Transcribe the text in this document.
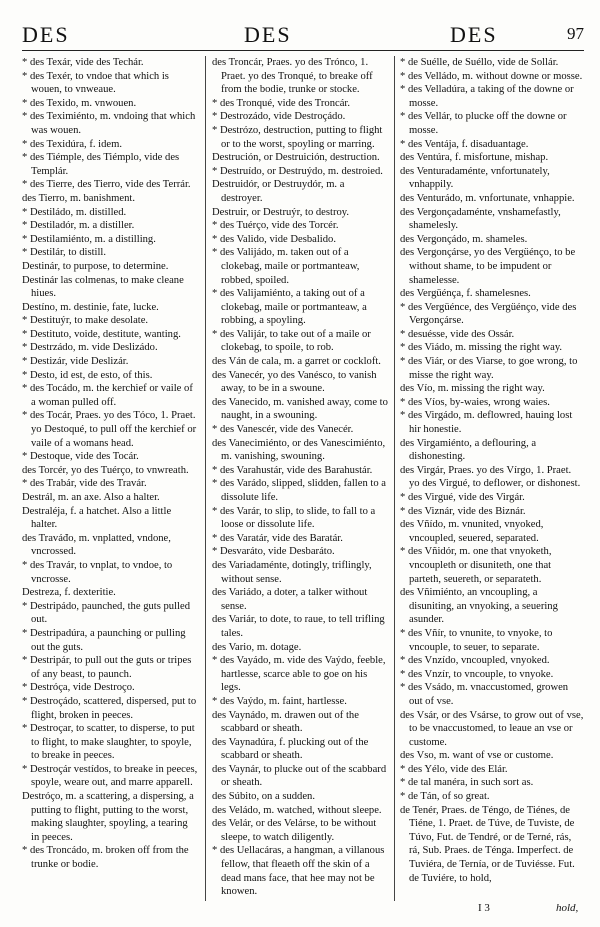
DES	DES	DES	97

* des Texár, vide des Techár.

* des Texér, to vndoe that which is wouen, to vnweaue.

* des Texido, m. vnwouen.

* des Teximiénto, m. vndoing that which was wouen.

* des Texidúra, f. idem.

* des Tiémple, des Tiémplo, vide des Templár.

* des Tierre, des Tierro, vide des Terrár.

des Tierro, m. banishment.

* Destiládo, m. distilled.

* Destiladór, m. a distiller.

* Destilamiénto, m. a distilling.

* Destilár, to distill.

Destinár, to purpose, to determine.

Destinár las colmenas, to make cleane hiues.

Destíno, m. destinie, fate, lucke.

* Destituýr, to make desolate.

* Destituto, voide, destitute, wanting.

* Destrzádo, m. vide Deslizádo.

* Destizár, vide Deslizár.

* Desto, id est, de esto, of this.

* des Tocádo, m. the kerchief or vaile of a woman pulled off.

* des Tocár, Praes. yo des Tóco, 1. Praet. yo Destoqué, to pull off the kerchief or vaile of a womans head.

* Destoque, vide des Tocár.

des Torcér, yo des Tuérço, to vnwreath.

* des Trabár, vide des Travár.

Destrál, m. an axe. Also a halter.

Destraléja, f. a hatchet. Also a little halter.

des Traváđo, m. vnplatted, vndone, vncrossed.

* des Travár, to vnplat, to vndoe, to vncrosse.

Destreza, f. dexteritie.

* Destripádo, paunched, the guts pulled out.

* Destripadúra, a paunching or pulling out the guts.

* Destripár, to pull out the guts or tripes of any beast, to paunch.

* Destróça, vide Destroço.

* Destroçádo, scattered, dispersed, put to flight, broken in peeces.

* Destroçar, to scatter, to disperse, to put to flight, to make slaughter, to spoyle, to breake in peeces.

* Destroçár vestídos, to breake in peeces, spoyle, weare out, and marre apparell.

Destróço, m. a scattering, a dispersing, a putting to flight, putting to the worst, making slaughter, spoyling, a tearing in peeces.

* des Troncádo, m. broken off from the trunke or bodie.

des Troncár, Praes. yo des Trónco, 1. Praet. yo des Tronqué, to breake off from the bodie, trunke or stocke.

* des Tronqué, vide des Troncár.

* Destrozádo, vide Destroçádo.

* Destrózo, destruction, putting to flight or to the worst, spoyling or marring.

Destrución, or Destruición, destruction.

* Destruído, or Destruýdo, m. destroied.

Destruidór, or Destruydór, m. a destroyer.

Destruir, or Destruýr, to destroy.

* des Tuérço, vide des Torcér.

* des Valido, vide Desbalido.

* des Valijádo, m. taken out of a clokebag, maile or portmanteaw, robbed, spoiled.

* des Valijamiénto, a taking out of a clokebag, maile or portmanteaw, a robbing, a spoyling.

* des Valijár, to take out of a maile or clokebag, to spoile, to rob.

des Ván de cala, m. a garret or cockloft.

des Vanecér, yo des Vanésco, to vanish away, to be in a swoune.

des Vanecido, m. vanished away, come to naught, in a swouning.

* des Vanescér, vide des Vanecér.

des Vanecimiénto, or des Vanescimiénto, m. vanishing, swouning.

* des Varahustár, vide des Barahustár.

* des Varádo, slipped, slidden, fallen to a dissolute life.

* des Varár, to slip, to slide, to fall to a loose or dissolute life.

* des Varatár, vide des Baratár.

* Desvaráto, vide Desbaráto.

des Variadaménte, dotingly, triflingly, without sense.

des Variádo, a doter, a talker without sense.

des Variár, to dote, to raue, to tell trifling tales.

des Vario, m. dotage.

* des Vayádo, m. vide des Vaýdo, feeble, hartlesse, scarce able to goe on his legs.

* des Vaýdo, m. faint, hartlesse.

des Vaynádo, m. drawen out of the scabbard or sheath.

des Vaynadúra, f. plucking out of the scabbard or sheath.

des Vaynár, to plucke out of the scabbard or sheath.

des Súbito, on a sudden.

des Veládo, m. watched, without sleepe.

des Velár, or des Velárse, to be without sleepe, to watch diligently.

* des Uellacáras, a hangman, a villanous fellow, that fleaeth off the skin of a dead mans face, that hee may not be knowen.

* de Suélle, de Suéllo, vide de Sollár.

* des Velládo, m. without downe or mosse.

* des Velladúra, a taking of the downe or mosse.

* des Vellár, to plucke off the downe or mosse.

* des Ventája, f. disaduantage.

des Ventúra, f. misfortune, mishap.

des Venturadaménte, vnfortunately, vnhappily.

des Venturádo, m. vnfortunate, vnhappie.

des Vergonçadaménte, vnshamefastly, shamelesly.

des Vergonçádo, m. shameles.

des Vergonçárse, yo des Vergüénço, to be without shame, to be impudent or shamelesse.

des Vergüénça, f. shamelesnes.

* des Vergüénce, des Vergüénço, vide des Vergonçárse.

* desuésse, vide des Ossár.

* des Viádo, m. missing the right way.

* des Viár, or des Viarse, to goe wrong, to misse the right way.

des Vío, m. missing the right way.

* des Víos, by-waies, wrong waies.

* des Virgádo, m. deflowred, hauing lost hir honestie.

des Virgamiénto, a deflouring, a dishonesting.

des Virgár, Praes. yo des Vírgo, 1. Praet. yo des Virgué, to deflower, or dishonest.

* des Virgué, vide des Virgár.

* des Viznár, vide des Biznár.

des Vñído, m. vnunited, vnyoked, vncoupled, seuered, separated.

* des Vñidór, m. one that vnyoketh, vncoupleth or disuniteth, one that parteth, seuereth, or separateth.

des Vñimiénto, an vncoupling, a disuniting, an vnyoking, a seuering asunder.

* des Vñír, to vnunite, to vnyoke, to vncouple, to seuer, to separate.

* des Vnzído, vncoupled, vnyoked.

* des Vnzír, to vncouple, to vnyoke.

* des Vsádo, m. vnaccustomed, growen out of vse.

des Vsár, or des Vsárse, to grow out of vse, to be vnaccustomed, to leaue an vse or custome.

des Vso, m. want of vse or custome.

* des Yélo, vide des Elár.

* de tal manéra, in such sort as.

* de Tán, of so great.

de Tenér, Praes. de Téngo, de Tiénes, de Tiéne, 1. Praet. de Túve, de Tuviste, de Túvo, Fut. de Tendré, or de Terné, rás, rá, Sub. Praes. de Ténga. Imperfect. de Tuviéra, de Ternía, or de Tuviésse. Fut. de Tuviére, to hold,

I 3	hold,
